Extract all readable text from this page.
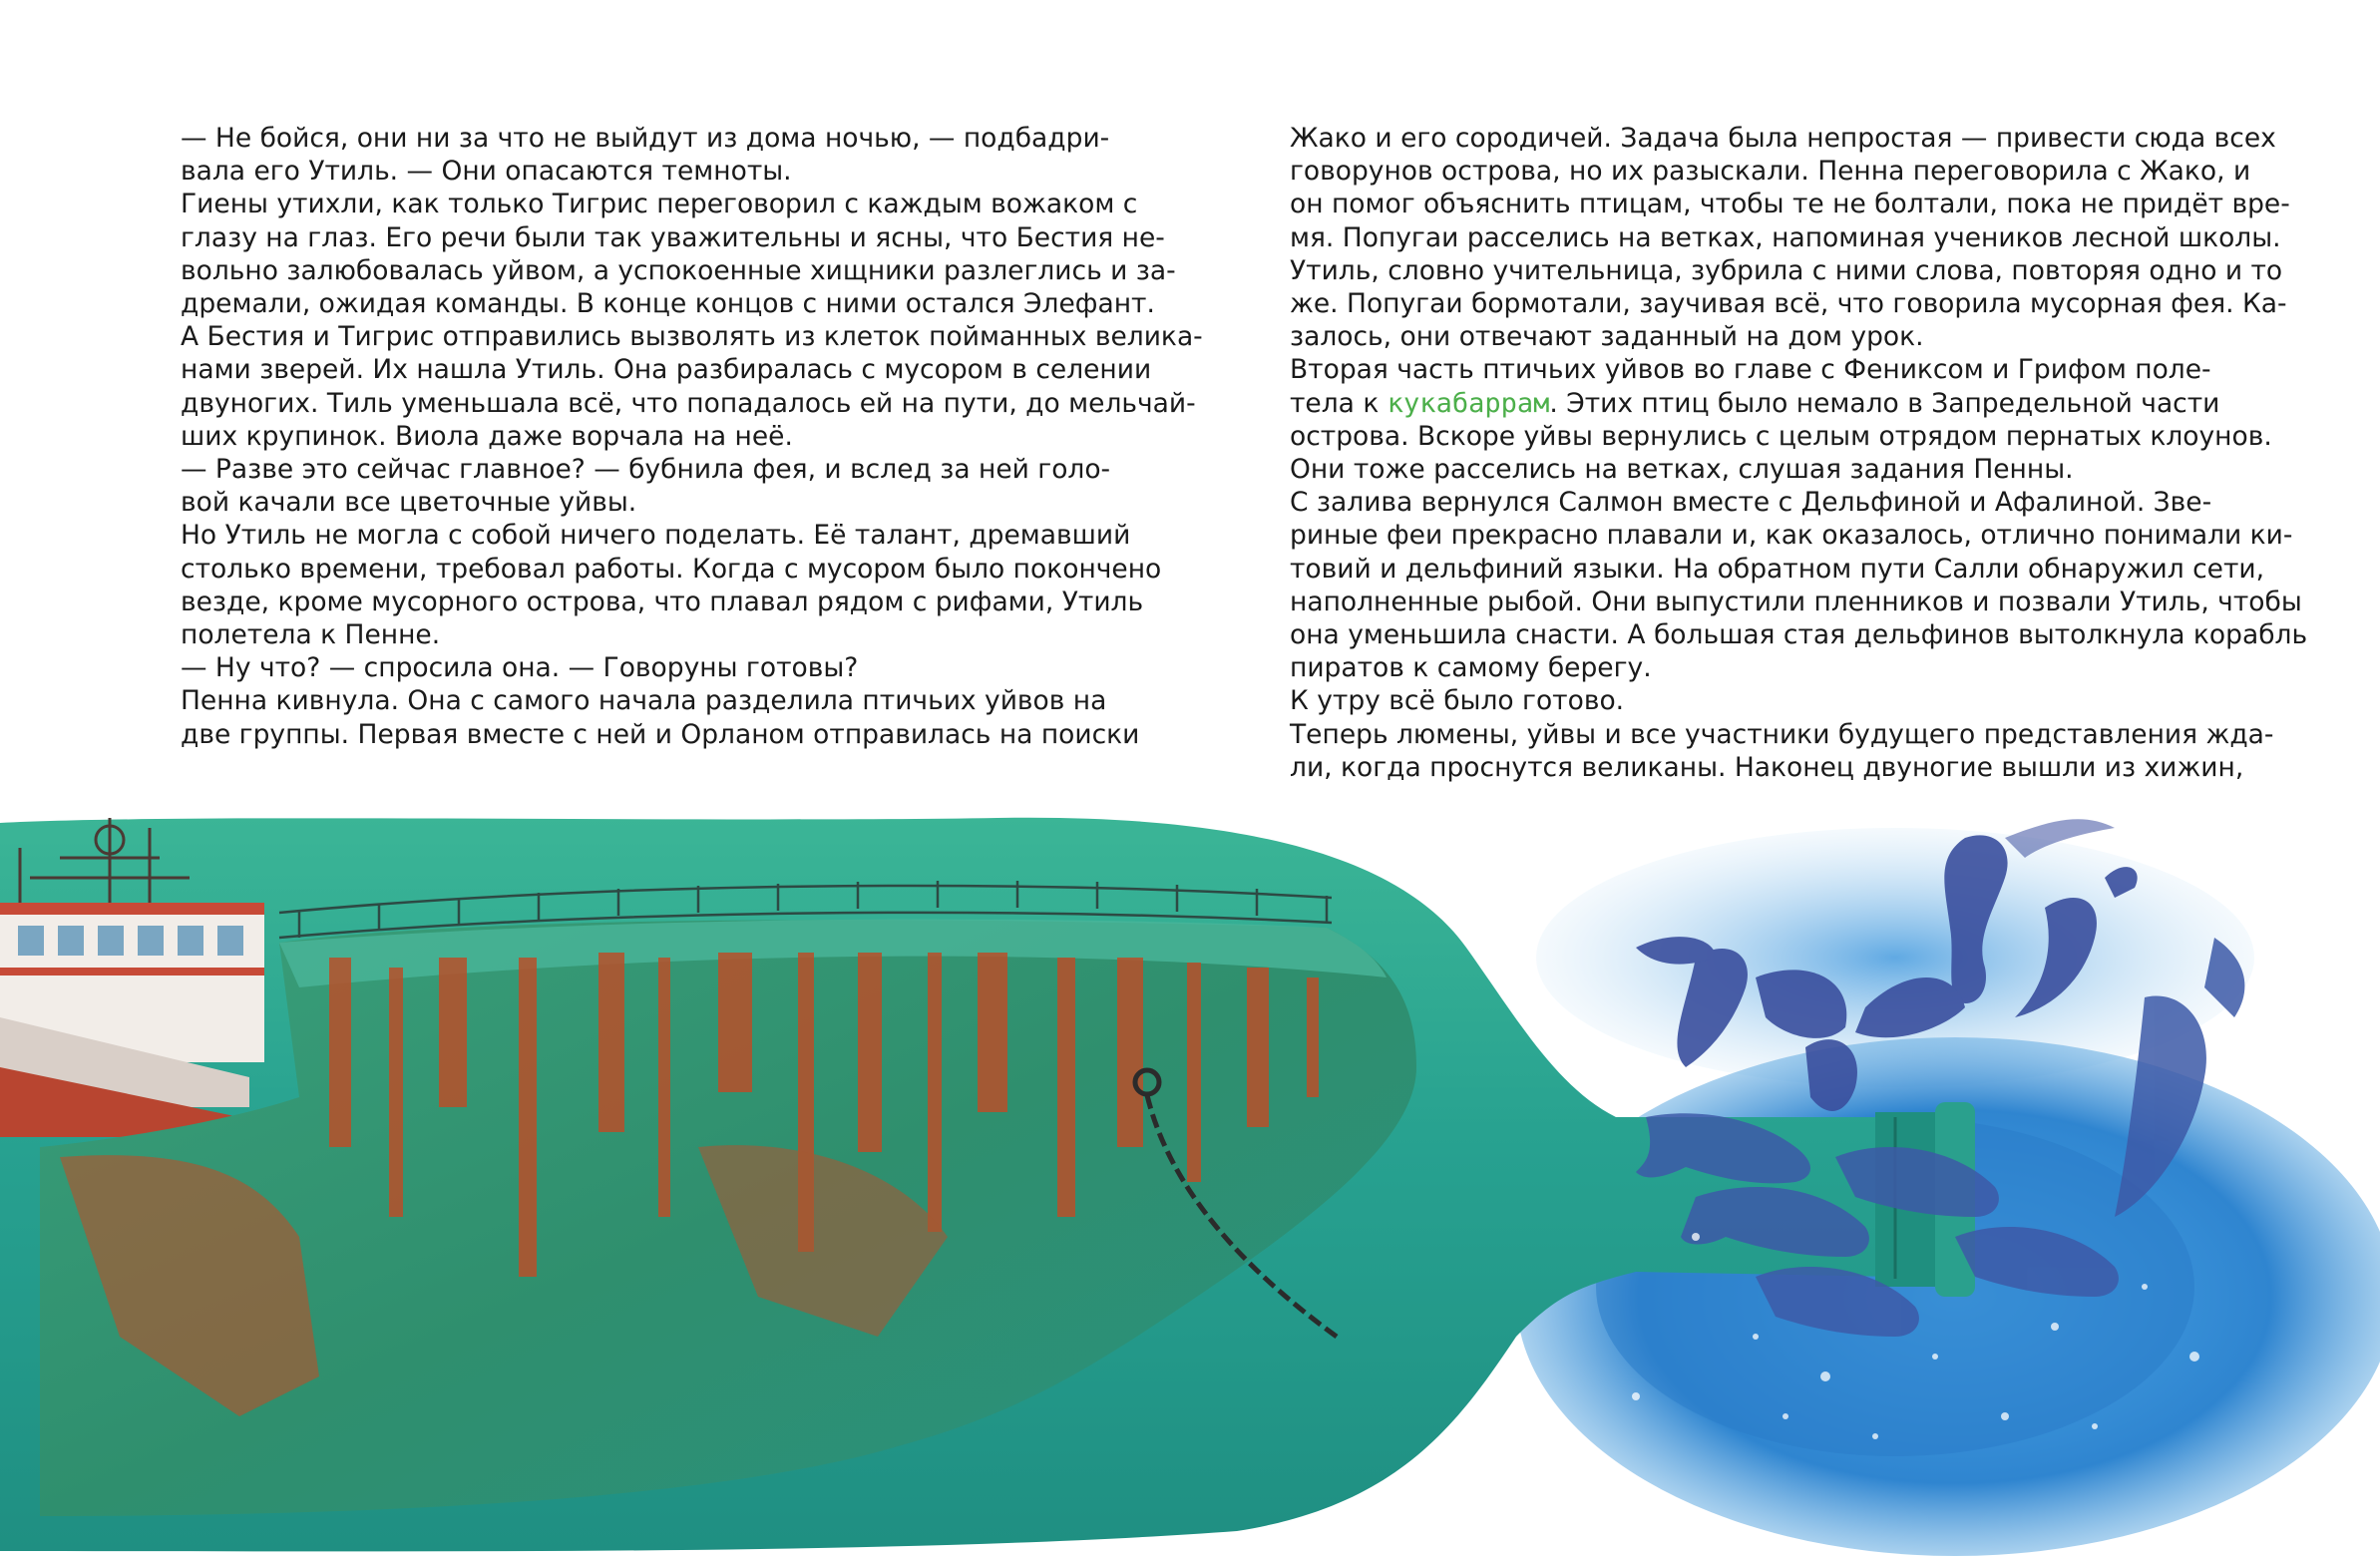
— Не бойся, они ни за что не выйдут из дома ночью, — подбадри-
вала его Утиль. — Они опасаются темноты.
Гиены утихли, как только Тигрис переговорил с каждым вожаком с
глазу на глаз. Его речи были так уважительны и ясны, что Бестия не-
вольно залюбовалась уйвом, а успокоенные хищники разлеглись и за-
дремали, ожидая команды. В конце концов с ними остался Элефант.
А Бестия и Тигрис отправились вызволять из клеток пойманных велика-
нами зверей. Их нашла Утиль. Она разбиралась с мусором в селении
двуногих. Тиль уменьшала всё, что попадалось ей на пути, до мельчай-
ших крупинок. Виола даже ворчала на неё.
— Разве это сейчас главное? — бубнила фея, и вслед за ней голо-
вой качали все цветочные уйвы.
Но Утиль не могла с собой ничего поделать. Её талант, дремавший
столько времени, требовал работы. Когда с мусором было покончено
везде, кроме мусорного острова, что плавал рядом с рифами, Утиль
полетела к Пенне.
— Ну что? — спросила она. — Говоруны готовы?
Пенна кивнула. Она с самого начала разделила птичьих уйвов на
две группы. Первая вместе с ней и Орланом отправилась на поиски
Жако и его сородичей. Задача была непростая — привести сюда всех
говорунов острова, но их разыскали. Пенна переговорила с Жако, и
он помог объяснить птицам, чтобы те не болтали, пока не придёт вре-
мя. Попугаи расселись на ветках, напоминая учеников лесной школы.
Утиль, словно учительница, зубрила с ними слова, повторяя одно и то
же. Попугаи бормотали, заучивая всё, что говорила мусорная фея. Ка-
залось, они отвечают заданный на дом урок.
Вторая часть птичьих уйвов во главе с Фениксом и Грифом поле-
тела к кукабаррам. Этих птиц было немало в Запредельной части
острова. Вскоре уйвы вернулись с целым отрядом пернатых клоунов.
Они тоже расселись на ветках, слушая задания Пенны.
С залива вернулся Салмон вместе с Дельфиной и Афалиной. Зве-
риные феи прекрасно плавали и, как оказалось, отлично понимали ки-
товий и дельфиний языки. На обратном пути Салли обнаружил сети,
наполненные рыбой. Они выпустили пленников и позвали Утиль, чтобы
она уменьшила снасти. А большая стая дельфинов вытолкнула корабль
пиратов к самому берегу.
К утру всё было готово.
Теперь люмены, уйвы и все участники будущего представления жда-
ли, когда проснутся великаны. Наконец двуногие вышли из хижин,
